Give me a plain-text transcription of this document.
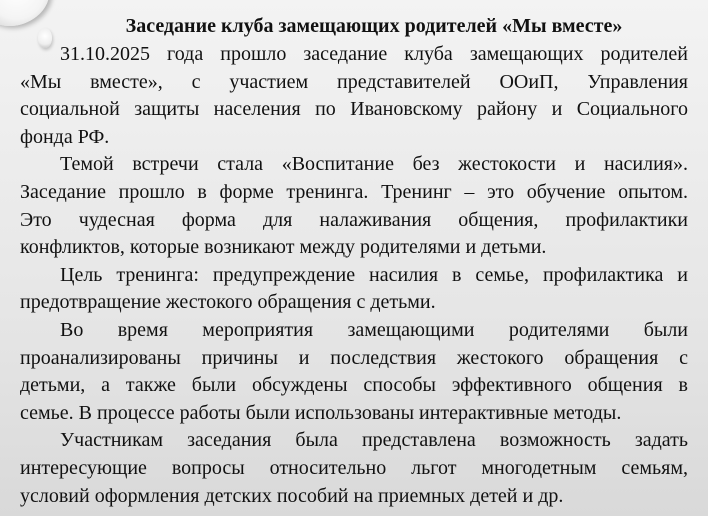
Заседание клуба замещающих родителей «Мы вместе»
31.10.2025 года прошло заседание клуба замещающих родителей
«Мы вместе», с участием представителей ООиП, Управления
социальной защиты населения по Ивановскому району и Социального
фонда РФ.
Темой встречи стала «Воспитание без жестокости и насилия».
Заседание прошло в форме тренинга. Тренинг – это обучение опытом.
Это чудесная форма для налаживания общения, профилактики
конфликтов, которые возникают между родителями и детьми.
Цель тренинга: предупреждение насилия в семье, профилактика и
предотвращение жестокого обращения с детьми.
Во время мероприятия замещающими родителями были
проанализированы причины и последствия жестокого обращения с
детьми, а также были обсуждены способы эффективного общения в
семье. В процессе работы были использованы интерактивные методы.
Участникам заседания была представлена возможность задать
интересующие вопросы относительно льгот многодетным семьям,
условий оформления детских пособий на приемных детей и др.
